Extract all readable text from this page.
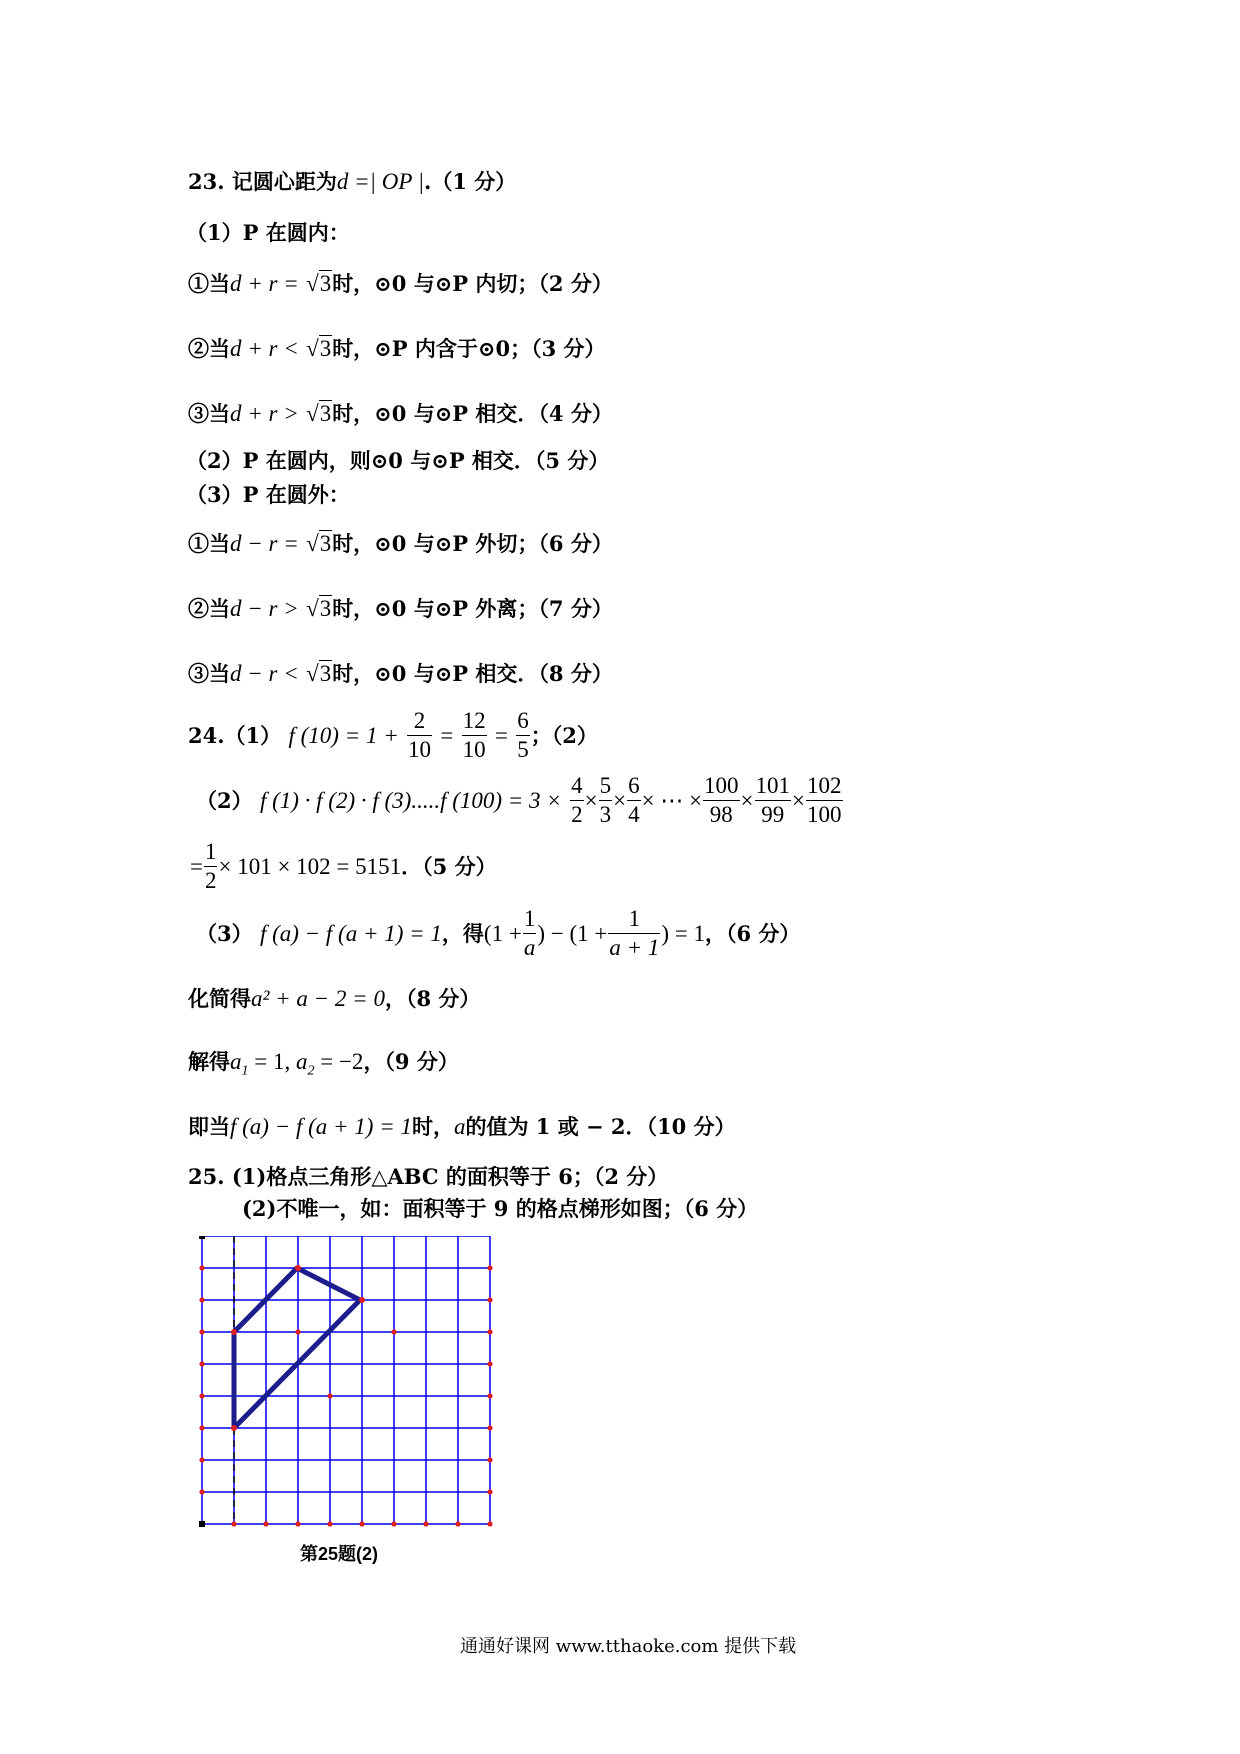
23. 记圆心距为d =| OP |.（1 分）
（1）P 在圆内：
①当d + r = √3时，⊙0 与⊙P 内切；（2 分）
②当d + r < √3时，⊙P 内含于⊙0；（3 分）
③当d + r > √3时，⊙0 与⊙P 相交．（4 分）
（2）P 在圆内，则⊙0 与⊙P 相交．（5 分）
（3）P 在圆外：
①当d − r = √3时，⊙0 与⊙P 外切；（6 分）
②当d − r > √3时，⊙0 与⊙P 外离；（7 分）
③当d − r < √3时，⊙0 与⊙P 相交．（8 分）
24.（1） f $(10) = 1 + \frac{2}{10} = \frac{12}{10} = \frac{6}{5}$ ；（2）
（2） f (1) · f (2) · f (3).....f $(100) = 3 \times \frac{4}{2} \times \frac{5}{3} \times \frac{6}{4}$ × ⋯ × $\frac{100}{98} \times \frac{101}{99} \times \frac{102}{100}$
= $\frac{1}{2} \times 101 \times 102 = 5151$．（5 分）
（3） f (a) − f (a + 1) = 1，得($1 + \frac{1}{a}$ ) − ($1 + \frac{1}{a + 1}$ ) = 1，（6 分）
化简得a² + a − 2 = 0，（8 分）
解得$a_1 = 1$, $a_2 = -2$，（9 分）
即当f (a) − f (a + 1) = 1时，a的值为 1 或 − 2．（10 分）
25. (1)格点三角形△ABC 的面积等于 6；（2 分）
(2)不唯一，如：面积等于 9 的格点梯形如图；（6 分）
第25题(2)
通通好课网 www.tthaoke.com 提供下载
